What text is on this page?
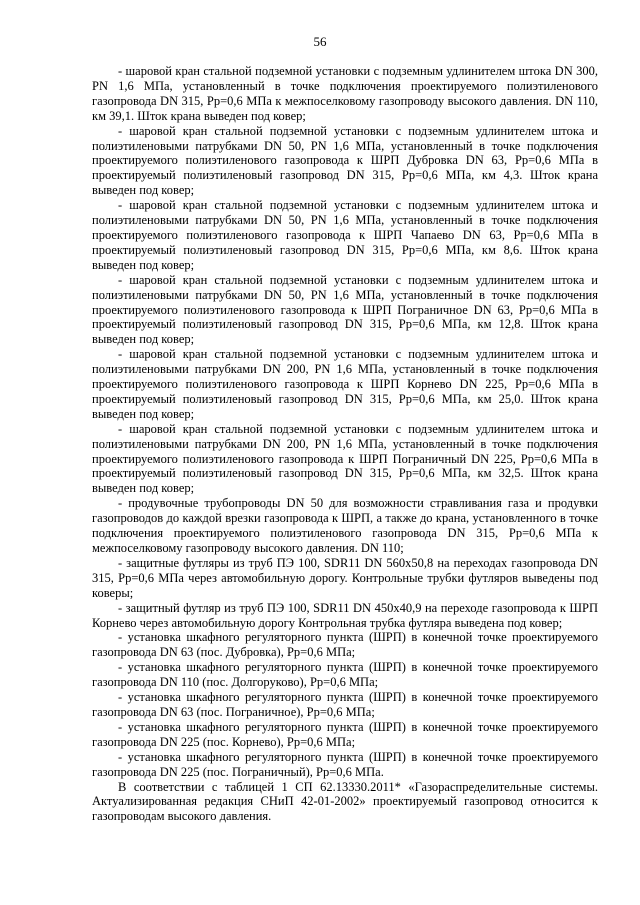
56

- шаровой кран стальной подземной установки с подземным удлинителем штока DN 300, PN 1,6 МПа, установленный в точке подключения проектируемого полиэтиленового газопровода DN 315, Рр=0,6 МПа к межпоселковому газопроводу высокого давления. DN 110, км 39,1. Шток крана выведен под ковер;

- шаровой кран стальной подземной установки с подземным удлинителем штока и полиэтиленовыми патрубками DN 50, PN 1,6 МПа, установленный в точке подключения проектируемого полиэтиленового газопровода к ШРП Дубровка DN 63, Рр=0,6 МПа в проектируемый полиэтиленовый газопровод DN 315, Рр=0,6 МПа, км 4,3. Шток крана выведен под ковер;

- шаровой кран стальной подземной установки с подземным удлинителем штока и полиэтиленовыми патрубками DN 50, PN 1,6 МПа, установленный в точке подключения проектируемого полиэтиленового газопровода к ШРП Чапаево DN 63, Рр=0,6 МПа в проектируемый полиэтиленовый газопровод DN 315, Рр=0,6 МПа, км 8,6. Шток крана выведен под ковер;

- шаровой кран стальной подземной установки с подземным удлинителем штока и полиэтиленовыми патрубками DN 50, PN 1,6 МПа, установленный в точке подключения проектируемого полиэтиленового газопровода к ШРП Пограничное DN 63, Рр=0,6 МПа в проектируемый полиэтиленовый газопровод DN 315, Рр=0,6 МПа, км 12,8. Шток крана выведен под ковер;

- шаровой кран стальной подземной установки с подземным удлинителем штока и полиэтиленовыми патрубками DN 200, PN 1,6 МПа, установленный в точке подключения проектируемого полиэтиленового газопровода к ШРП Корнево DN 225, Рр=0,6 МПа в проектируемый полиэтиленовый газопровод DN 315, Рр=0,6 МПа, км 25,0. Шток крана выведен под ковер;

- шаровой кран стальной подземной установки с подземным удлинителем штока и полиэтиленовыми патрубками DN 200, PN 1,6 МПа, установленный в точке подключения проектируемого полиэтиленового газопровода к ШРП Пограничный DN 225, Рр=0,6 МПа в проектируемый полиэтиленовый газопровод DN 315, Рр=0,6 МПа, км 32,5. Шток крана выведен под ковер;

- продувочные трубопроводы DN 50 для возможности стравливания газа и продувки газопроводов до каждой врезки газопровода к ШРП, а также до крана, установленного в точке подключения проектируемого полиэтиленового газопровода DN 315, Рр=0,6 МПа к межпоселковому газопроводу высокого давления. DN 110;

- защитные футляры из труб ПЭ 100, SDR11 DN 560x50,8 на переходах газопровода DN 315, Рр=0,6 МПа через автомобильную дорогу. Контрольные трубки футляров выведены под коверы;

- защитный футляр из труб ПЭ 100, SDR11 DN 450x40,9 на переходе газопровода к ШРП Корнево через автомобильную дорогу Контрольная трубка футляра выведена под ковер;

- установка шкафного регуляторного пункта (ШРП) в конечной точке проектируемого газопровода DN 63 (пос. Дубровка), Рр=0,6 МПа;

- установка шкафного регуляторного пункта (ШРП) в конечной точке проектируемого газопровода DN 110 (пос. Долгоруково), Рр=0,6 МПа;

- установка шкафного регуляторного пункта (ШРП) в конечной точке проектируемого газопровода DN 63 (пос. Пограничное), Рр=0,6 МПа;

- установка шкафного регуляторного пункта (ШРП) в конечной точке проектируемого газопровода DN 225 (пос. Корнево), Рр=0,6 МПа;

- установка шкафного регуляторного пункта (ШРП) в конечной точке проектируемого газопровода DN 225 (пос. Пограничный), Рр=0,6 МПа.

В соответствии с таблицей 1 СП 62.13330.2011* «Газораспределительные системы. Актуализированная редакция СНиП 42-01-2002» проектируемый газопровод относится к газопроводам высокого давления.
